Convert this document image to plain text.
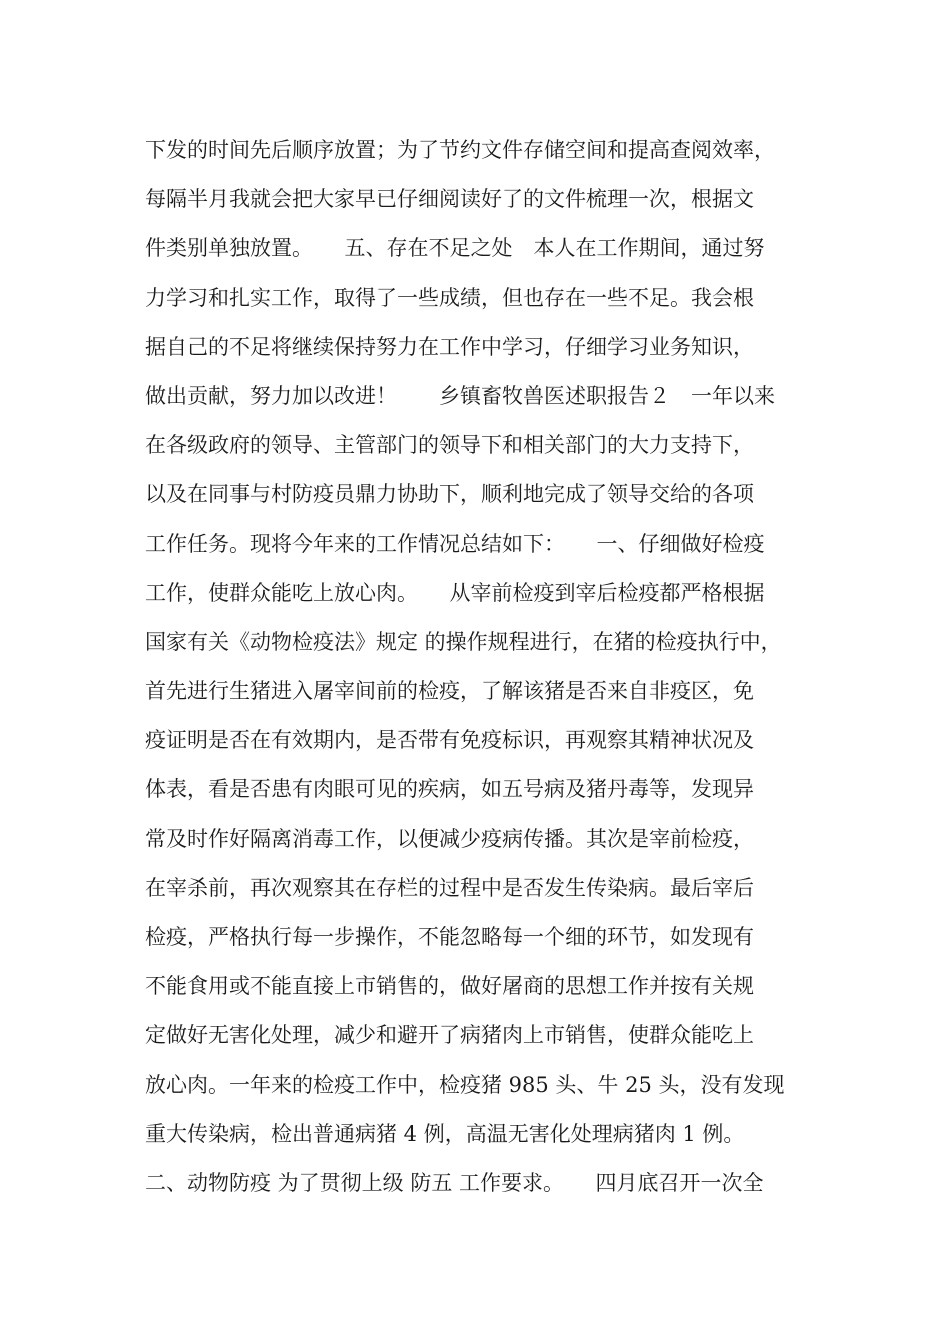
下发的时间先后顺序放置；为了节约文件存储空间和提高查阅效率，
每隔半月我就会把大家早已仔细阅读好了的文件梳理一次，根据文
件类别单独放置。　　五、存在不足之处　本人在工作期间，通过努
力学习和扎实工作，取得了一些成绩，但也存在一些不足。我会根
据自己的不足将继续保持努力在工作中学习，仔细学习业务知识，
做出贡献，努力加以改进！　　乡镇畜牧兽医述职报告２　一年以来
在各级政府的领导、主管部门的领导下和相关部门的大力支持下，
以及在同事与村防疫员鼎力协助下，顺利地完成了领导交给的各项
工作任务。现将今年来的工作情况总结如下：　　一、仔细做好检疫
工作，使群众能吃上放心肉。　　从宰前检疫到宰后检疫都严格根据
国家有关《动物检疫法》规定 的操作规程进行，在猪的检疫执行中，
首先进行生猪进入屠宰间前的检疫，了解该猪是否来自非疫区，免
疫证明是否在有效期内，是否带有免疫标识，再观察其精神状况及
体表，看是否患有肉眼可见的疾病，如五号病及猪丹毒等，发现异
常及时作好隔离消毒工作，以便减少疫病传播。其次是宰前检疫，
在宰杀前，再次观察其在存栏的过程中是否发生传染病。最后宰后
检疫，严格执行每一步操作，不能忽略每一个细的环节，如发现有
不能食用或不能直接上市销售的，做好屠商的思想工作并按有关规
定做好无害化处理，减少和避开了病猪肉上市销售，使群众能吃上
放心肉。一年来的检疫工作中，检疫猪 985 头、牛 25 头，没有发现
重大传染病，检出普通病猪 4 例，高温无害化处理病猪肉 1 例。
二、动物防疫 为了贯彻上级 防五 工作要求。　　四月底召开一次全
